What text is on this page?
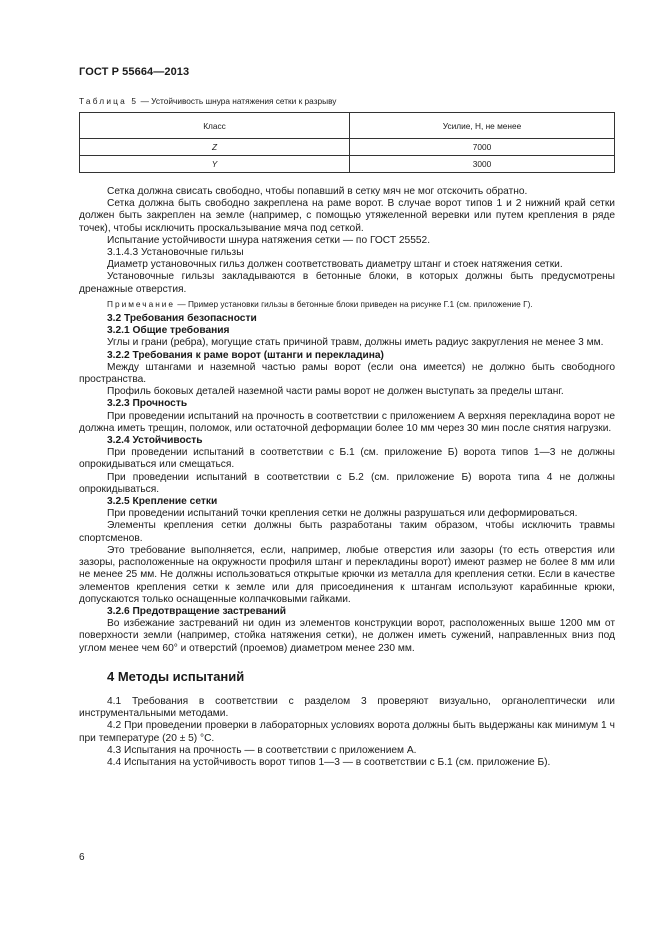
ГОСТ Р 55664—2013
Таблица 5 — Устойчивость шнура натяжения сетки к разрыву
Класс	Усилие, Н, не менее
Z	7000
Y	3000

Сетка должна свисать свободно, чтобы попавший в сетку мяч не мог отскочить обратно.

Сетка должна быть свободно закреплена на раме ворот. В случае ворот типов 1 и 2 нижний край сетки должен быть закреплен на земле (например, с помощью утяжеленной веревки или путем крепления в ряде точек), чтобы исключить проскальзывание мяча под сеткой.

Испытание устойчивости шнура натяжения сетки — по ГОСТ 25552.

3.1.4.3 Установочные гильзы

Диаметр установочных гильз должен соответствовать диаметру штанг и стоек натяжения сетки.

Установочные гильзы закладываются в бетонные блоки, в которых должны быть предусмотрены дренажные отверстия.

Примечание — Пример установки гильзы в бетонные блоки приведен на рисунке Г.1 (см. приложение Г).

3.2 Требования безопасности

3.2.1 Общие требования

Углы и грани (ребра), могущие стать причиной травм, должны иметь радиус закругления не менее 3 мм.

3.2.2 Требования к раме ворот (штанги и перекладина)

Между штангами и наземной частью рамы ворот (если она имеется) не должно быть свободного пространства.

Профиль боковых деталей наземной части рамы ворот не должен выступать за пределы штанг.

3.2.3 Прочность

При проведении испытаний на прочность в соответствии с приложением А верхняя перекладина ворот не должна иметь трещин, поломок, или остаточной деформации более 10 мм через 30 мин после снятия нагрузки.

3.2.4 Устойчивость

При проведении испытаний в соответствии с Б.1 (см. приложение Б) ворота типов 1—3 не должны опрокидываться или смещаться.

При проведении испытаний в соответствии с Б.2 (см. приложение Б) ворота типа 4 не должны опрокидываться.

3.2.5 Крепление сетки

При проведении испытаний точки крепления сетки не должны разрушаться или деформироваться.

Элементы крепления сетки должны быть разработаны таким образом, чтобы исключить травмы спортсменов.

Это требование выполняется, если, например, любые отверстия или зазоры (то есть отверстия или зазоры, расположенные на окружности профиля штанг и перекладины ворот) имеют размер не более 8 мм или не менее 25 мм. Не должны использоваться открытые крючки из металла для крепления сетки. Если в качестве элементов крепления сетки к земле или для присоединения к штангам используют карабинные крюки, допускаются только оснащенные колпачковыми гайками.

3.2.6 Предотвращение застреваний

Во избежание застреваний ни один из элементов конструкции ворот, расположенных выше 1200 мм от поверхности земли (например, стойка натяжения сетки), не должен иметь сужений, направленных вниз под углом менее чем 60° и отверстий (проемов) диаметром менее 230 мм.

4 Методы испытаний

4.1 Требования в соответствии с разделом 3 проверяют визуально, органолептически или инструментальными методами.

4.2 При проведении проверки в лабораторных условиях ворота должны быть выдержаны как минимум 1 ч при температуре (20 ± 5) °С.

4.3 Испытания на прочность — в соответствии с приложением А.

4.4 Испытания на устойчивость ворот типов 1—3 — в соответствии с Б.1 (см. приложение Б).

6
